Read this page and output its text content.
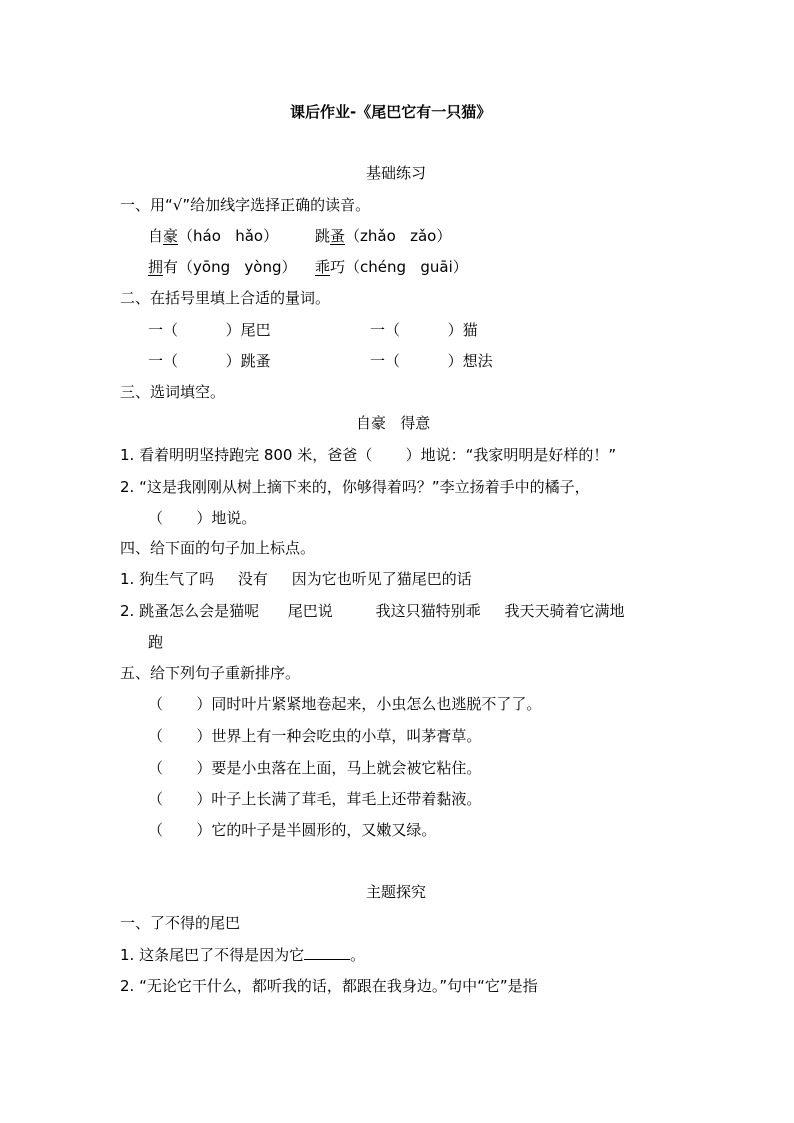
课后作业-《尾巴它有一只猫》
基础练习
一、用“√”给加线字选择正确的读音。
自豪（háo   hǎo） 跳蚤（zhǎo   zǎo）
拥有（yōng   yòng） 乖巧（chéng   guāi）
二、在括号里填上合适的量词。
一（          ）尾巴	一（          ）猫
一（          ）跳蚤	一（          ）想法
三、选词填空。
自豪   得意
1. 看着明明坚持跑完 800 米，爸爸（       ）地说：“我家明明是好样的！”
2. “这是我刚刚从树上摘下来的，你够得着吗？”李立扬着手中的橘子，
（       ）地说。
四、给下面的句子加上标点。
1. 狗生气了吗     没有     因为它也听见了猫尾巴的话
2. 跳蚤怎么会是猫呢      尾巴说         我这只猫特别乖     我天天骑着它满地
跑
五、给下列句子重新排序。
（       ）同时叶片紧紧地卷起来，小虫怎么也逃脱不了了。
（       ）世界上有一种会吃虫的小草，叫茅膏草。
（       ）要是小虫落在上面，马上就会被它粘住。
（       ）叶子上长满了茸毛，茸毛上还带着黏液。
（       ）它的叶子是半圆形的，又嫩又绿。
主题探究
一、了不得的尾巴
1. 这条尾巴了不得是因为它	。
2. “无论它干什么，都听我的话，都跟在我身边。”句中“它”是指
